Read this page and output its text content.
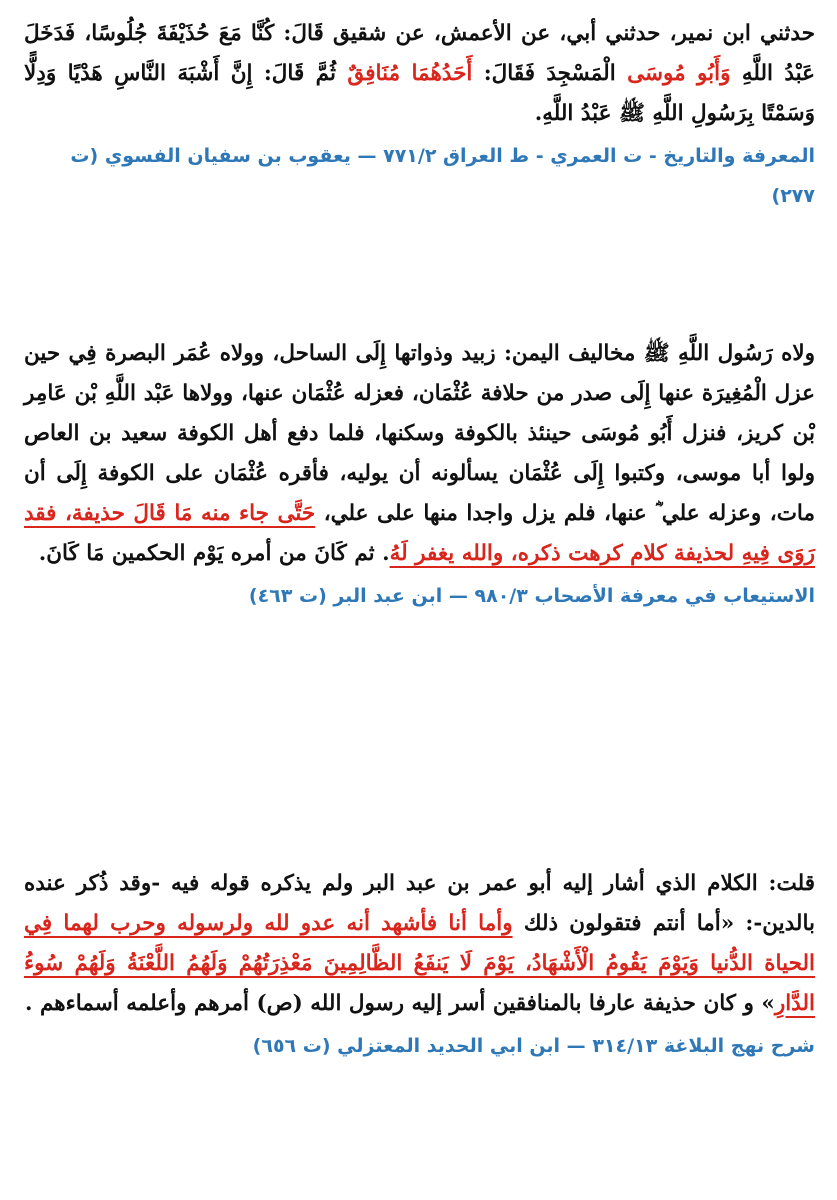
حدثني ابن نمير، حدثني أبي، عن الأعمش، عن شقيق قَالَ: كُنَّا مَعَ حُذَيْفَةَ جُلُوسًا، فَدَخَلَ عَبْدُ اللَّهِ وَأَبُو مُوسَى الْمَسْجِدَ فَقَالَ: أَحَدُهُمَا مُنَافِقٌ ثُمَّ قَالَ: إِنَّ أَشْبَهَ النَّاسِ هَدْيًا وَدِلًّا وَسَمْتًا بِرَسُولِ اللَّهِ ﷺ عَبْدُ اللَّهِ.

المعرفة والتاريخ - ت العمري - ط العراق ٧٧١/٢ — يعقوب بن سفيان الفسوي (ت ٢٧٧)

ولاه رَسُول اللَّهِ ﷺ مخاليف اليمن: زبيد وذواتها إِلَى الساحل، وولاه عُمَر البصرة فِي حين عزل الْمُغِيرَة عنها إِلَى صدر من حلافة عُثْمَان، فعزله عُثْمَان عنها، وولاها عَبْد اللَّهِ بْن عَامِر بْن كريز، فنزل أَبُو مُوسَى حينئذ بالكوفة وسكنها، فلما دفع أهل الكوفة سعيد بن العاص ولوا أبا موسى، وكتبوا إِلَى عُثْمَان يسألونه أن يوليه، فأقره عُثْمَان على الكوفة إِلَى أن مات، وعزله علي ؓ عنها، فلم يزل واجدا منها على علي، حَتَّى جاء منه مَا قَالَ حذيفة، فقد رَوَى فِيهِ لحذيفة كلام كرهت ذكره، والله يغفر لَهُ. ثم كَانَ من أمره يَوْم الحكمين مَا كَانَ.

الاستيعاب في معرفة الأصحاب ٩٨٠/٣ — ابن عبد البر (ت ٤٦٣)

قلت: الكلام الذي أشار إليه أبو عمر بن عبد البر ولم يذكره قوله فيه -وقد ذُكر عنده بالدين-: «أما أنتم فتقولون ذلك وأما أنا فأشهد أنه عدو لله ولرسوله وحرب لهما فِي الحياة الدُّنيا وَيَوْمَ يَقُومُ الْأَشْهَادُ، يَوْمَ لَا يَنفَعُ الظَّالِمِينَ مَعْذِرَتُهُمْ وَلَهُمُ اللَّعْنَةُ وَلَهُمْ سُوءُ الدَّارِ» و كان حذيفة عارفا بالمنافقين أسر إليه رسول الله (ص) أمرهم وأعلمه أسماءهم .

شرح نهج البلاغة ٣١٤/١٣ — ابن ابي الحديد المعتزلي (ت ٦٥٦)
